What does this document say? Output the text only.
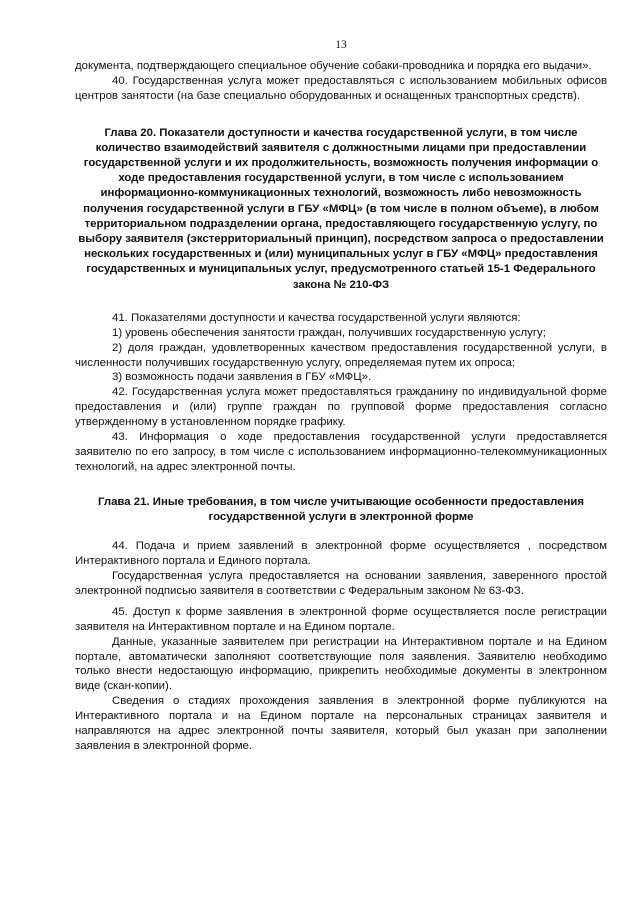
13

документа, подтверждающего специальное обучение собаки-проводника и порядка его выдачи».

40. Государственная услуга может предоставляться с использованием мобильных офисов центров занятости (на базе специально оборудованных и оснащенных транспортных средств).

Глава 20. Показатели доступности и качества государственной услуги, в том числе количество взаимодействий заявителя с должностными лицами при предоставлении государственной услуги и их продолжительность, возможность получения информации о ходе предоставления государственной услуги, в том числе с использованием информационно-коммуникационных технологий, возможность либо невозможность получения государственной услуги в ГБУ «МФЦ» (в том числе в полном объеме), в любом территориальном подразделении органа, предоставляющего государственную услугу, по выбору заявителя (экстерриториальный принцип), посредством запроса о предоставлении нескольких государственных и (или) муниципальных услуг в ГБУ «МФЦ» предоставления государственных и муниципальных услуг, предусмотренного статьей 15-1 Федерального закона № 210-ФЗ

41. Показателями доступности и качества государственной услуги являются:

1) уровень обеспечения занятости граждан, получивших государственную услугу;

2) доля граждан, удовлетворенных качеством предоставления государственной услуги, в численности получивших государственную услугу, определяемая путем их опроса;

3) возможность подачи заявления в ГБУ «МФЦ».

42. Государственная услуга может предоставляться гражданину по индивидуальной форме предоставления и (или) группе граждан по групповой форме предоставления согласно утвержденному в установленном порядке графику.

43. Информация о ходе предоставления государственной услуги предоставляется заявителю по его запросу, в том числе с использованием информационно-телекоммуникационных технологий, на адрес электронной почты.

Глава 21. Иные требования, в том числе учитывающие особенности предоставления государственной услуги в электронной форме

44. Подача и прием заявлений в электронной форме осуществляется , посредством Интерактивного портала и Единого портала.

Государственная услуга предоставляется на основании заявления, заверенного простой электронной подписью заявителя в соответствии с Федеральным законом № 63-ФЗ.

45. Доступ к форме заявления в электронной форме осуществляется после регистрации заявителя на Интерактивном портале и на Едином портале.

Данные, указанные заявителем при регистрации на Интерактивном портале и на Едином портале, автоматически заполняют соответствующие поля заявления. Заявителю необходимо только внести недостающую информацию, прикрепить необходимые документы в электронном виде (скан-копии).

Сведения о стадиях прохождения заявления в электронной форме публикуются на Интерактивного портала и на Едином портале на персональных страницах заявителя и направляются на адрес электронной почты заявителя, который был указан при заполнении заявления в электронной форме.
